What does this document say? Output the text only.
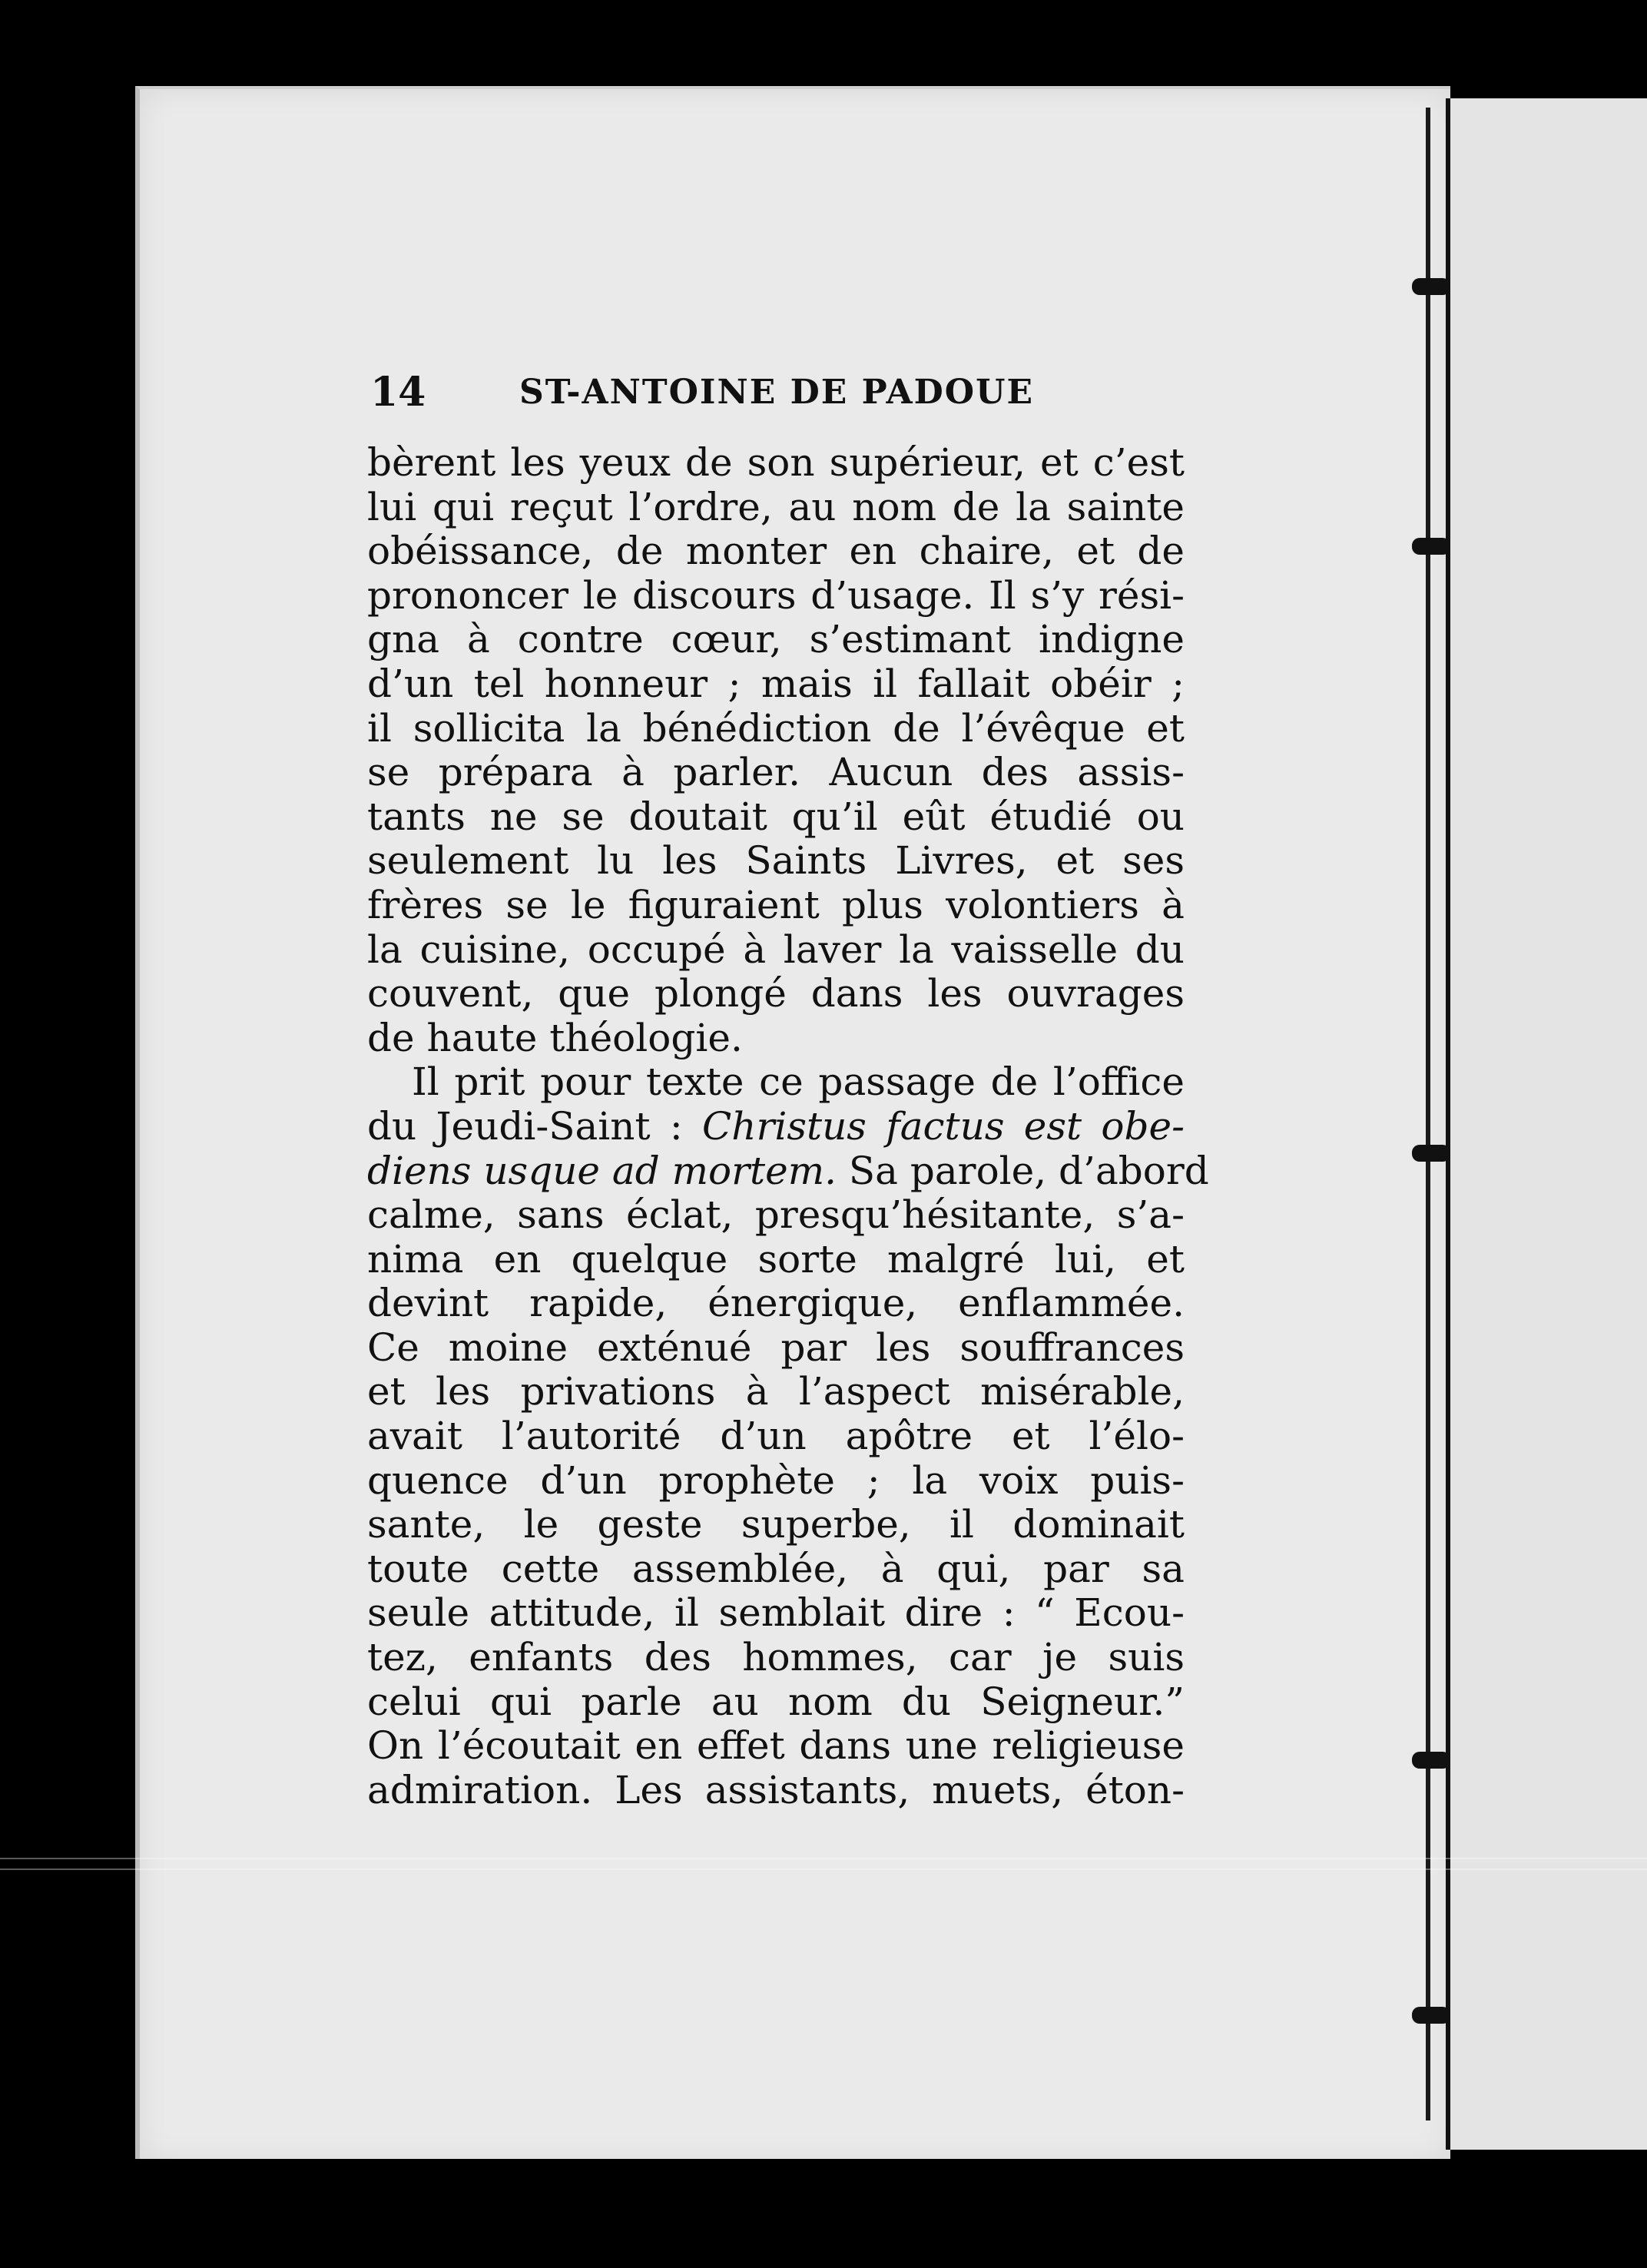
14	ST-ANTOINE DE PADOUE
bèrent les yeux de son supérieur, et c’est
lui qui reçut l’ordre, au nom de la sainte
obéissance, de monter en chaire, et de
prononcer le discours d’usage. Il s’y rési-
gna à contre cœur, s’estimant indigne
d’un tel honneur ; mais il fallait obéir ;
il sollicita la bénédiction de l’évêque et
se prépara à parler. Aucun des assis-
tants ne se doutait qu’il eût étudié ou
seulement lu les Saints Livres, et ses
frères se le figuraient plus volontiers à
la cuisine, occupé à laver la vaisselle du
couvent, que plongé dans les ouvrages
de haute théologie.
Il prit pour texte ce passage de l’office
du Jeudi-Saint : Christus factus est obe-
diens usque ad mortem. Sa parole, d’abord
calme, sans éclat, presqu’hésitante, s’a-
nima en quelque sorte malgré lui, et
devint rapide, énergique, enflammée.
Ce moine exténué par les souffrances
et les privations à l’aspect misérable,
avait l’autorité d’un apôtre et l’élo-
quence d’un prophète ; la voix puis-
sante, le geste superbe, il dominait
toute cette assemblée, à qui, par sa
seule attitude, il semblait dire : “ Ecou-
tez, enfants des hommes, car je suis
celui qui parle au nom du Seigneur.”
On l’écoutait en effet dans une religieuse
admiration. Les assistants, muets, éton-
